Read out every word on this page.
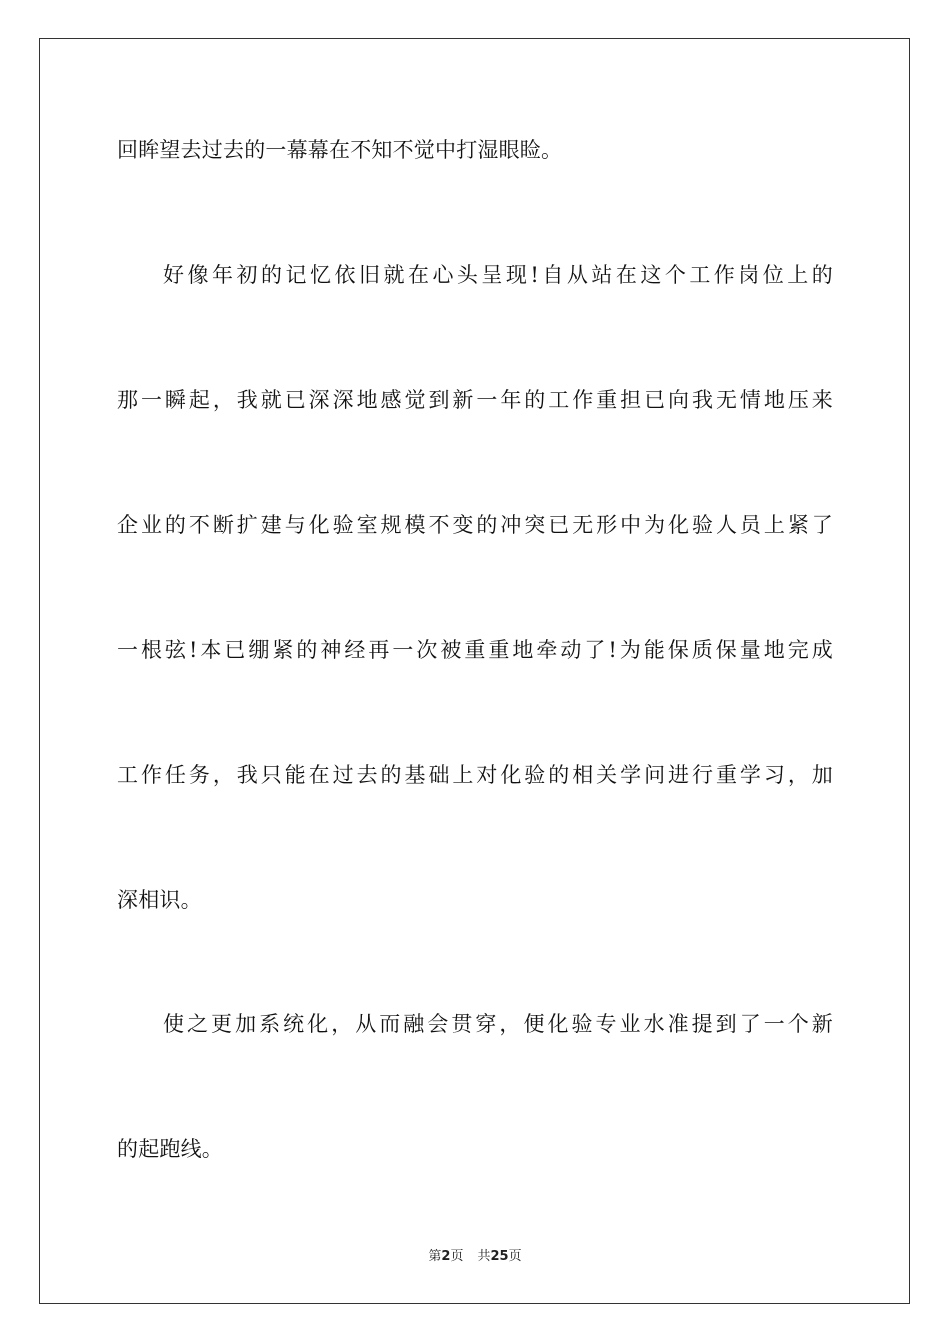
回眸望去过去的一幕幕在不知不觉中打湿眼睑。
好像年初的记忆依旧就在心头呈现!自从站在这个工作岗位上的
那一瞬起，我就已深深地感觉到新一年的工作重担已向我无情地压来
企业的不断扩建与化验室规模不变的冲突已无形中为化验人员上紧了
一根弦!本已绷紧的神经再一次被重重地牵动了!为能保质保量地完成
工作任务，我只能在过去的基础上对化验的相关学问进行重学习，加
深相识。
使之更加系统化，从而融会贯穿，便化验专业水准提到了一个新
的起跑线。
第2页 共25页
